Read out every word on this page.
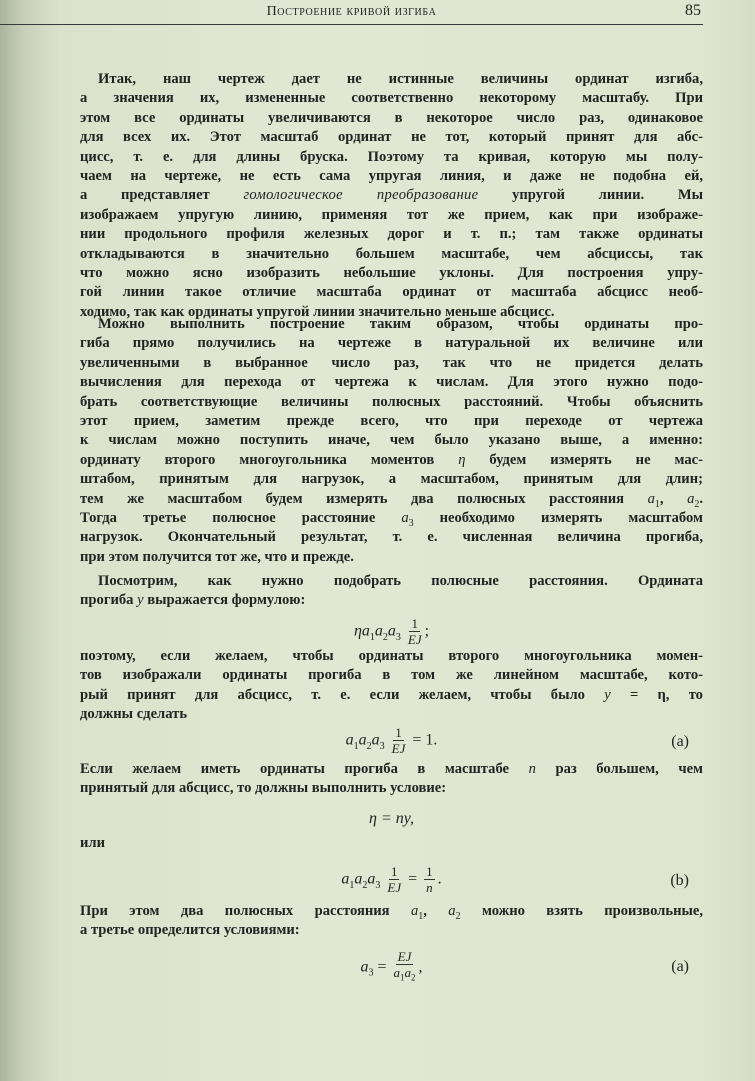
Построение кривой изгиба	85
Итак, наш чертеж дает не истинные величины ординат изгиба,
а значения их, измененные соответственно некоторому масштабу. При
этом все ординаты увеличиваются в некоторое число раз, одинаковое
для всех их. Этот масштаб ординат не тот, который принят для абс-
цисс, т. е. для длины бруска. Поэтому та кривая, которую мы полу-
чаем на чертеже, не есть сама упругая линия, и даже не подобна ей,
а представляет гомологическое преобразование упругой линии. Мы
изображаем упругую линию, применяя тот же прием, как при изображе-
нии продольного профиля железных дорог и т. п.; там также ординаты
откладываются в значительно большем масштабе, чем абсциссы, так
что можно ясно изобразить небольшие уклоны. Для построения упру-
гой линии такое отличие масштаба ординат от масштаба абсцисс необ-
ходимо, так как ординаты упругой линии значительно меньше абсцисс.
Можно выполнить построение таким образом, чтобы ординаты про-
гиба прямо получились на чертеже в натуральной их величине или
увеличенными в выбранное число раз, так что не придется делать
вычисления для перехода от чертежа к числам. Для этого нужно подо-
брать соответствующие величины полюсных расстояний. Чтобы объяснить
этот прием, заметим прежде всего, что при переходе от чертежа
к числам можно поступить иначе, чем было указано выше, а именно:
ординату второго многоугольника моментов η будем измерять не мас-
штабом, принятым для нагрузок, а масштабом, принятым для длин;
тем же масштабом будем измерять два полюсных расстояния $a_1$, $a_2$.
Тогда третье полюсное расстояние $a_3$ необходимо измерять масштабом
нагрузок. Окончательный результат, т. е. численная величина прогиба,
при этом получится тот же, что и прежде.
Посмотрим, как нужно подобрать полюсные расстояния. Ордината
прогиба y выражается формулою:
$\eta a_1a_2a_3 \frac{1}{EJ}$ ;
поэтому, если желаем, чтобы ординаты второго многоугольника момен-
тов изображали ординаты прогиба в том же линейном масштабе, кото-
рый принят для абсцисс, т. е. если желаем, чтобы было y = η, то
должны сделать
$a_1a_2a_3 \frac{1}{EJ} = 1$.	(a)
Если желаем иметь ординаты прогиба в масштабе n раз большем, чем
принятый для абсцисс, то должны выполнить условие:
η = ny,
или
$a_1a_2a_3 \frac{1}{EJ} = \frac{1}{n}$ .	(b)
При этом два полюсных расстояния $a_1$, $a_2$ можно взять произвольные,
а третье определится условиями:
$a_3 = \frac{EJ}{a_1a_2}$ ,	(a)
